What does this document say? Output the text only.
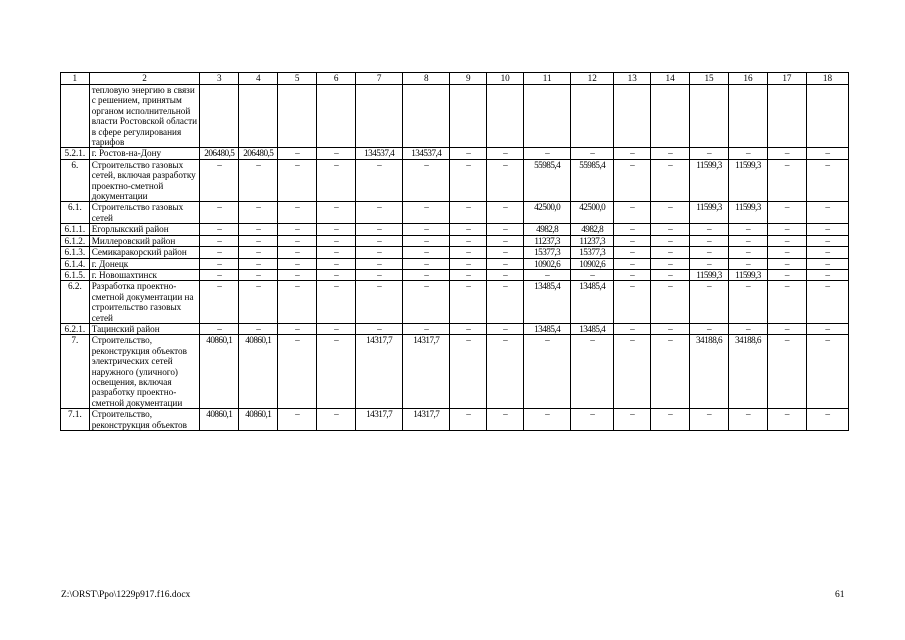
1	2	3	4	5	6	7	8	9	10	11	12	13	14	15	16	17	18
	тепловую энергию в связи с решением, принятым органом исполнительной власти Ростовской области в сфере регулирования тарифов																
5.2.1.	г. Ростов-на-Дону	206480,5	206480,5	–	–	134537,4	134537,4	–	–	–	–	–	–	–	–	–	–
6.	Строительство газовых сетей, включая разработку проектно-сметной документации	–	–	–	–	–	–	–	–	55985,4	55985,4	–	–	11599,3	11599,3	–	–
6.1.	Строительство газовых сетей	–	–	–	–	–	–	–	–	42500,0	42500,0	–	–	11599,3	11599,3	–	–
6.1.1.	Егорлыкский район	–	–	–	–	–	–	–	–	4982,8	4982,8	–	–	–	–	–	–
6.1.2.	Миллеровский район	–	–	–	–	–	–	–	–	11237,3	11237,3	–	–	–	–	–	–
6.1.3.	Семикаракорский район	–	–	–	–	–	–	–	–	15377,3	15377,3	–	–	–	–	–	–
6.1.4.	г. Донецк	–	–	–	–	–	–	–	–	10902,6	10902,6	–	–	–	–	–	–
6.1.5.	г. Новошахтинск	–	–	–	–	–	–	–	–	–	–	–	–	11599,3	11599,3	–	–
6.2.	Разработка проектно-сметной документации на строительство газовых сетей	–	–	–	–	–	–	–	–	13485,4	13485,4	–	–	–	–	–	–
6.2.1.	Тацинский район	–	–	–	–	–	–	–	–	13485,4	13485,4	–	–	–	–	–	–
7.	Строительство, реконструкция объектов электрических сетей наружного (уличного) освещения, включая разработку проектно-сметной документации	40860,1	40860,1	–	–	14317,7	14317,7	–	–	–	–	–	–	34188,6	34188,6	–	–
7.1.	Строительство, реконструкция объектов	40860,1	40860,1	–	–	14317,7	14317,7	–	–	–	–	–	–	–	–	–	–
Z:\ORST\Ppo\1229p917.f16.docx	61
